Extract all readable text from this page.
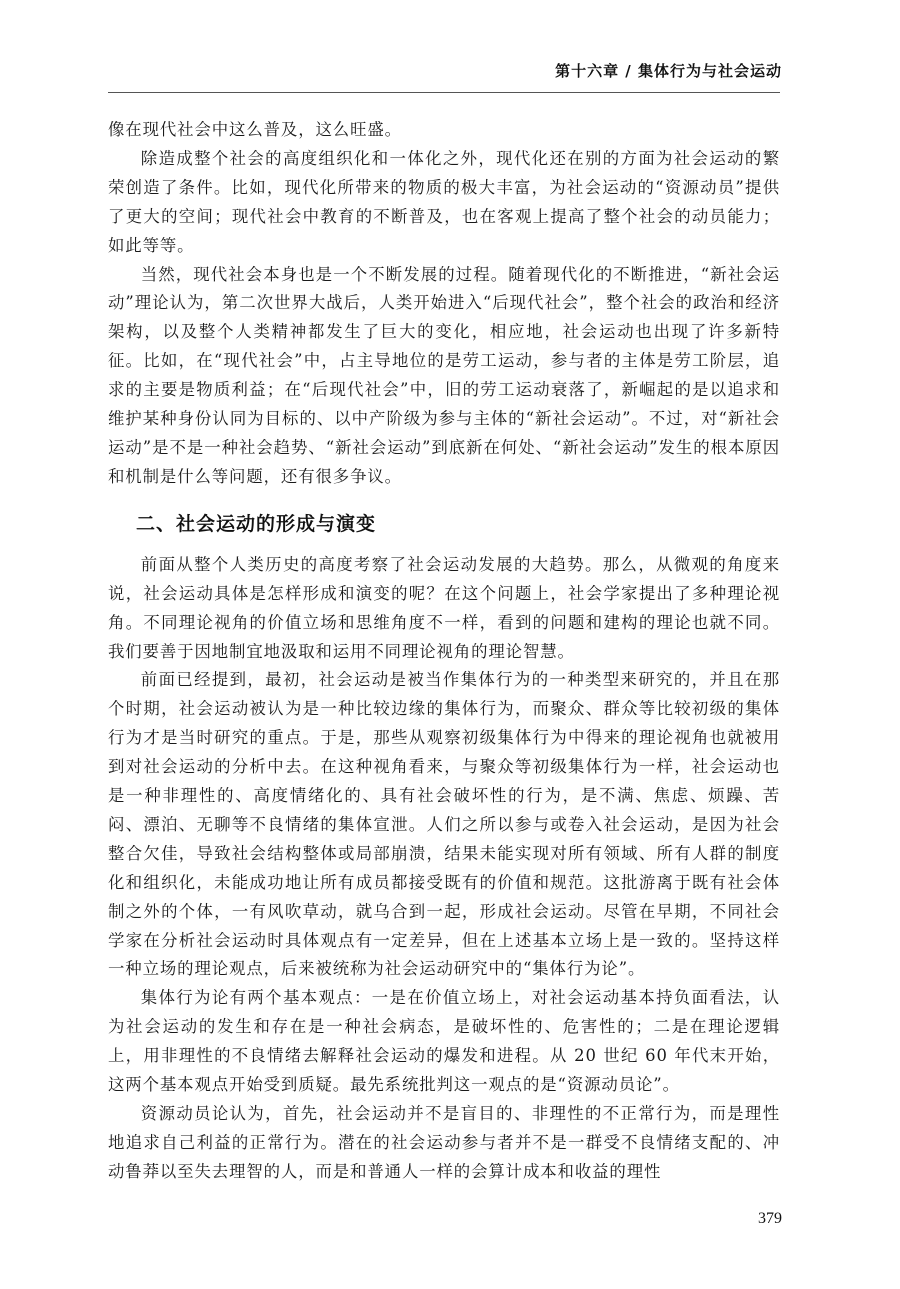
第十六章 / 集体行为与社会运动

像在现代社会中这么普及，这么旺盛。

除造成整个社会的高度组织化和一体化之外，现代化还在别的方面为社会运动的繁荣创造了条件。比如，现代化所带来的物质的极大丰富，为社会运动的“资源动员”提供了更大的空间；现代社会中教育的不断普及，也在客观上提高了整个社会的动员能力；如此等等。

当然，现代社会本身也是一个不断发展的过程。随着现代化的不断推进，“新社会运动”理论认为，第二次世界大战后，人类开始进入“后现代社会”，整个社会的政治和经济架构，以及整个人类精神都发生了巨大的变化，相应地，社会运动也出现了许多新特征。比如，在“现代社会”中，占主导地位的是劳工运动，参与者的主体是劳工阶层，追求的主要是物质利益；在“后现代社会”中，旧的劳工运动衰落了，新崛起的是以追求和维护某种身份认同为目标的、以中产阶级为参与主体的“新社会运动”。不过，对“新社会运动”是不是一种社会趋势、“新社会运动”到底新在何处、“新社会运动”发生的根本原因和机制是什么等问题，还有很多争议。

二、社会运动的形成与演变

前面从整个人类历史的高度考察了社会运动发展的大趋势。那么，从微观的角度来说，社会运动具体是怎样形成和演变的呢？在这个问题上，社会学家提出了多种理论视角。不同理论视角的价值立场和思维角度不一样，看到的问题和建构的理论也就不同。我们要善于因地制宜地汲取和运用不同理论视角的理论智慧。

前面已经提到，最初，社会运动是被当作集体行为的一种类型来研究的，并且在那个时期，社会运动被认为是一种比较边缘的集体行为，而聚众、群众等比较初级的集体行为才是当时研究的重点。于是，那些从观察初级集体行为中得来的理论视角也就被用到对社会运动的分析中去。在这种视角看来，与聚众等初级集体行为一样，社会运动也是一种非理性的、高度情绪化的、具有社会破坏性的行为，是不满、焦虑、烦躁、苦闷、漂泊、无聊等不良情绪的集体宣泄。人们之所以参与或卷入社会运动，是因为社会整合欠佳，导致社会结构整体或局部崩溃，结果未能实现对所有领域、所有人群的制度化和组织化，未能成功地让所有成员都接受既有的价值和规范。这批游离于既有社会体制之外的个体，一有风吹草动，就乌合到一起，形成社会运动。尽管在早期，不同社会学家在分析社会运动时具体观点有一定差异，但在上述基本立场上是一致的。坚持这样一种立场的理论观点，后来被统称为社会运动研究中的“集体行为论”。

集体行为论有两个基本观点：一是在价值立场上，对社会运动基本持负面看法，认为社会运动的发生和存在是一种社会病态，是破坏性的、危害性的；二是在理论逻辑上，用非理性的不良情绪去解释社会运动的爆发和进程。从 20 世纪 60 年代末开始，这两个基本观点开始受到质疑。最先系统批判这一观点的是“资源动员论”。

资源动员论认为，首先，社会运动并不是盲目的、非理性的不正常行为，而是理性地追求自己利益的正常行为。潜在的社会运动参与者并不是一群受不良情绪支配的、冲动鲁莽以至失去理智的人，而是和普通人一样的会算计成本和收益的理性

379
